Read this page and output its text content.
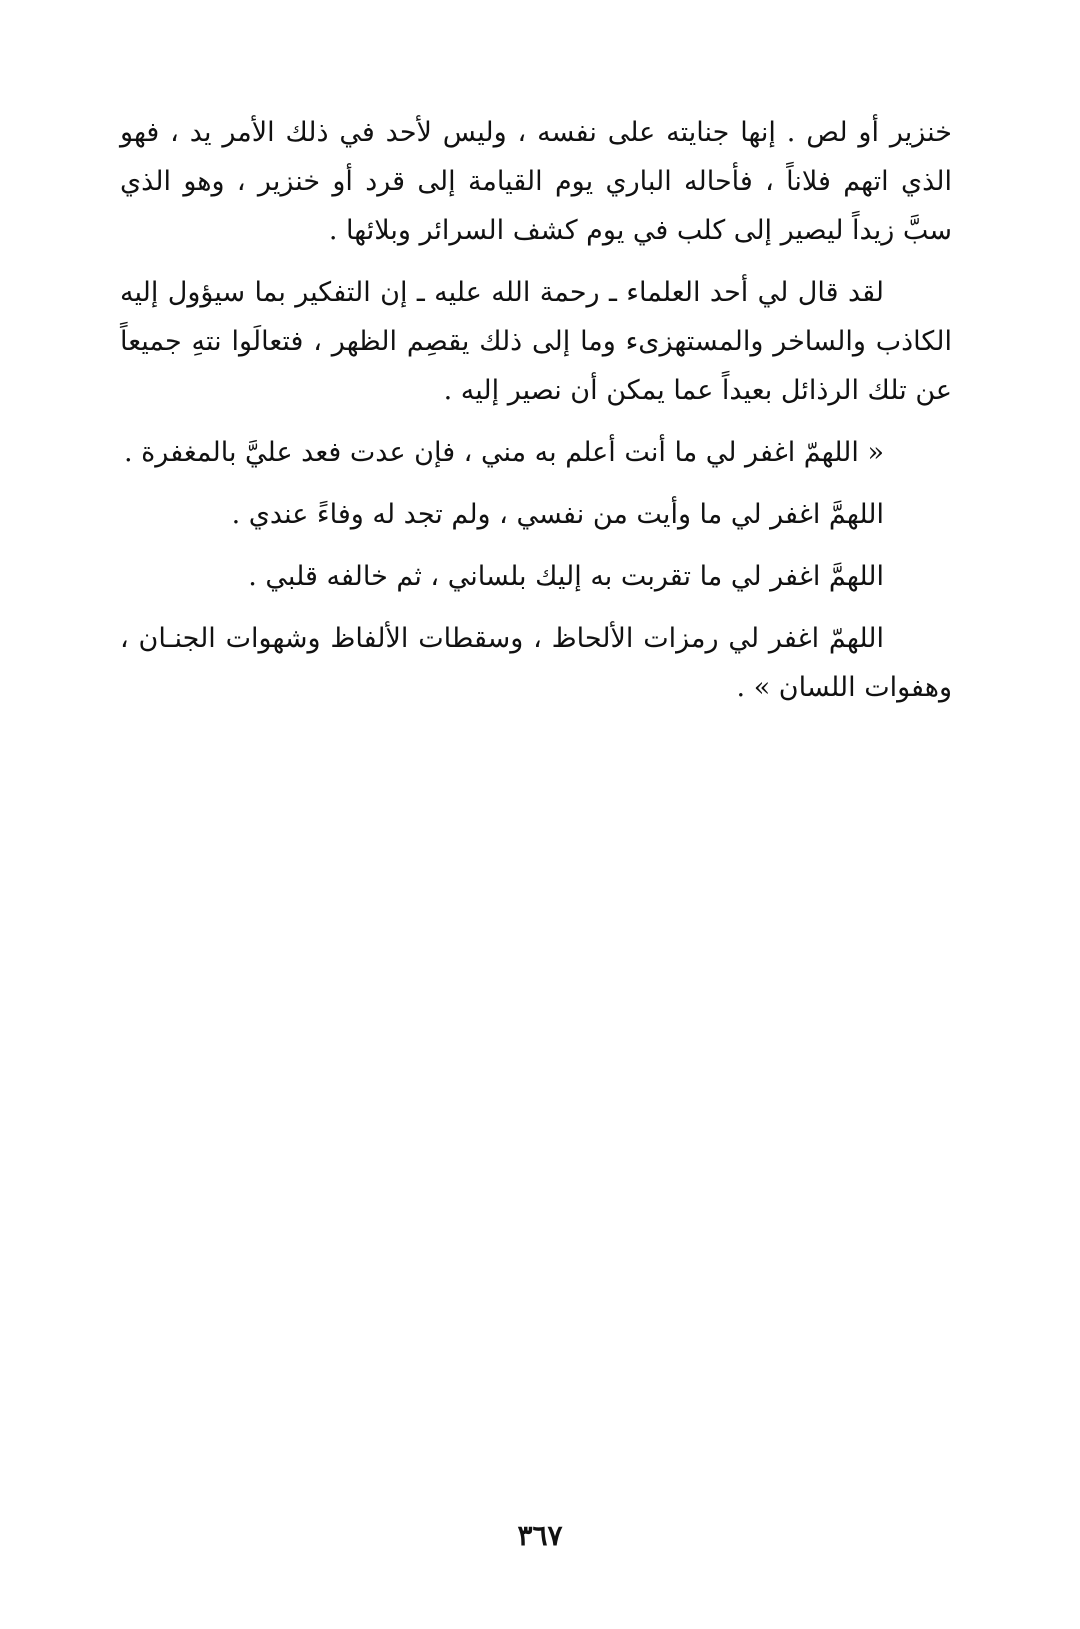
خنزير أو لص . إنها جنايته على نفسه ، وليس لأحد في ذلك الأمر يد ، فهو الذي اتهم فلاناً ، فأحاله الباري يوم القيامة إلى قرد أو خنزير ، وهو الذي سبَّ زيداً ليصير إلى كلب في يوم كشف السرائر وبلائها .

لقد قال لي أحد العلماء ـ رحمة الله عليه ـ إن التفكير بما سيؤول إليه الكاذب والساخر والمستهزىء وما إلى ذلك يقصِم الظهر ، فتعالَوا نتهِ جميعاً عن تلك الرذائل بعيداً عما يمكن أن نصير إليه .

« اللهمّ اغفر لي ما أنت أعلم به مني ، فإن عدت فعد عليَّ بالمغفرة .

اللهمَّ اغفر لي ما وأيت من نفسي ، ولم تجد له وفاءً عندي .

اللهمَّ اغفر لي ما تقربت به إليك بلساني ، ثم خالفه قلبي .

اللهمّ اغفر لي رمزات الألحاظ ، وسقطات الألفاظ وشهوات الجنـان ، وهفوات اللسان » .

٣٦٧
